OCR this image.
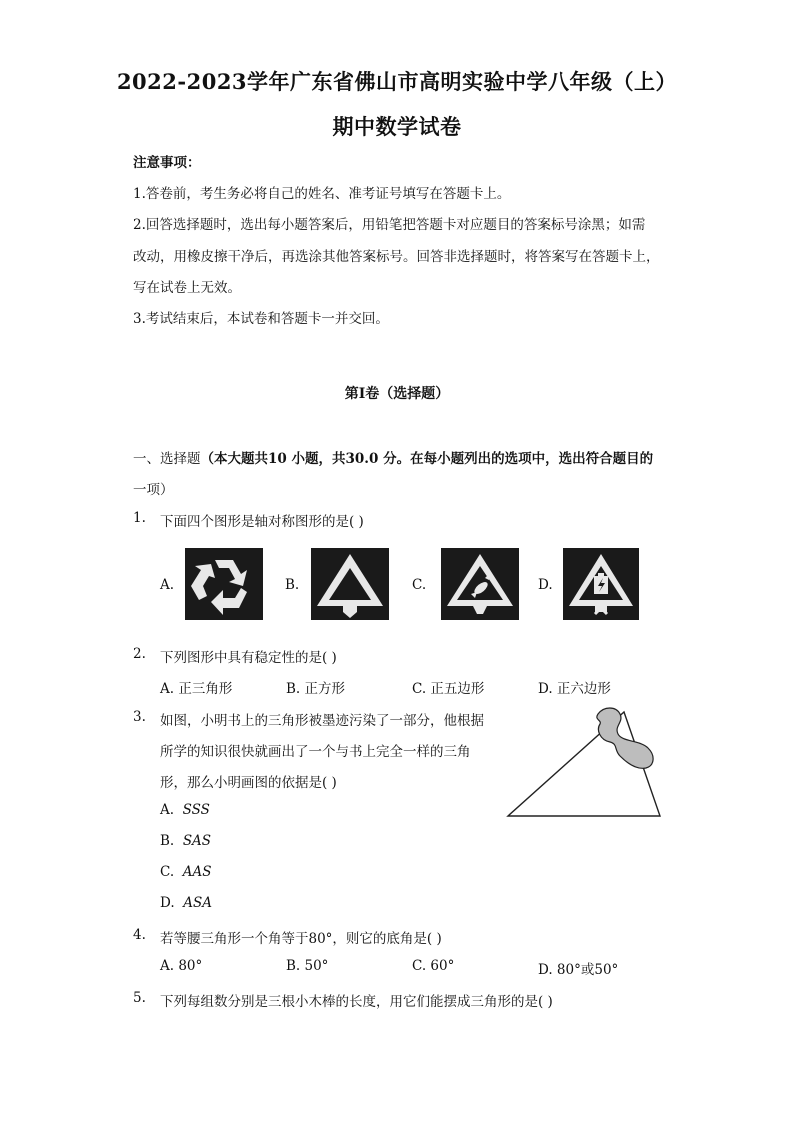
2022-2023学年广东省佛山市高明实验中学八年级（上）
期中数学试卷
注意事项：
1.答卷前，考生务必将自己的姓名、准考证号填写在答题卡上。
2.回答选择题时，选出每小题答案后，用铅笔把答题卡对应题目的答案标号涂黑；如需
改动，用橡皮擦干净后，再选涂其他答案标号。回答非选择题时，将答案写在答题卡上，
写在试卷上无效。
3.考试结束后，本试卷和答题卡一并交回。
第I卷（选择题）
一、选择题（本大题共10 小题，共30.0 分。在每小题列出的选项中，选出符合题目的
一项）
1. 下面四个图形是轴对称图形的是( )
A.	B.	C.	D.
2. 下列图形中具有稳定性的是( )
A. 正三角形	B. 正方形	C. 正五边形	D. 正六边形
3. 如图，小明书上的三角形被墨迹污染了一部分，他根据
所学的知识很快就画出了一个与书上完全一样的三角
形，那么小明画图的依据是( )
A. SSS
B. SAS
C. AAS
D. ASA
4. 若等腰三角形一个角等于80°，则它的底角是( )
A. 80°	B. 50°	C. 60°	D. 80°或50°
5. 下列每组数分别是三根小木棒的长度，用它们能摆成三角形的是( )
